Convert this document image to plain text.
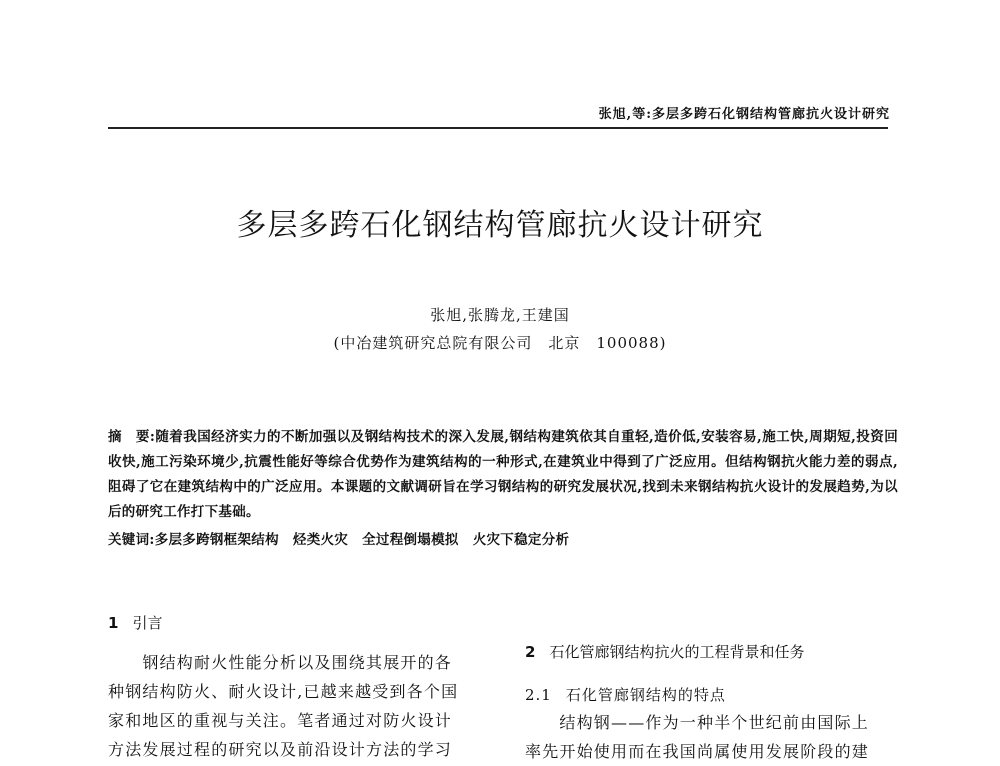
张旭,等:多层多跨石化钢结构管廊抗火设计研究
多层多跨石化钢结构管廊抗火设计研究
张旭,张腾龙,王建国
(中冶建筑研究总院有限公司　北京　100088)
摘　要:随着我国经济实力的不断加强以及钢结构技术的深入发展,钢结构建筑依其自重轻,造价低,安装容易,施工快,周期短,投资回收快,施工污染环境少,抗震性能好等综合优势作为建筑结构的一种形式,在建筑业中得到了广泛应用。但结构钢抗火能力差的弱点,阻碍了它在建筑结构中的广泛应用。本课题的文献调研旨在学习钢结构的研究发展状况,找到未来钢结构抗火设计的发展趋势,为以后的研究工作打下基础。
关键词:多层多跨钢框架结构 烃类火灾 全过程倒塌模拟 火灾下稳定分析
1 引言

　　钢结构耐火性能分析以及围绕其展开的各

种钢结构防火、耐火设计,已越来越受到各个国

家和地区的重视与关注。笔者通过对防火设计

方法发展过程的研究以及前沿设计方法的学习

2 石化管廊钢结构抗火的工程背景和任务
2.1 石化管廊钢结构的特点

　　结构钢——作为一种半个世纪前由国际上

率先开始使用而在我国尚属使用发展阶段的建
